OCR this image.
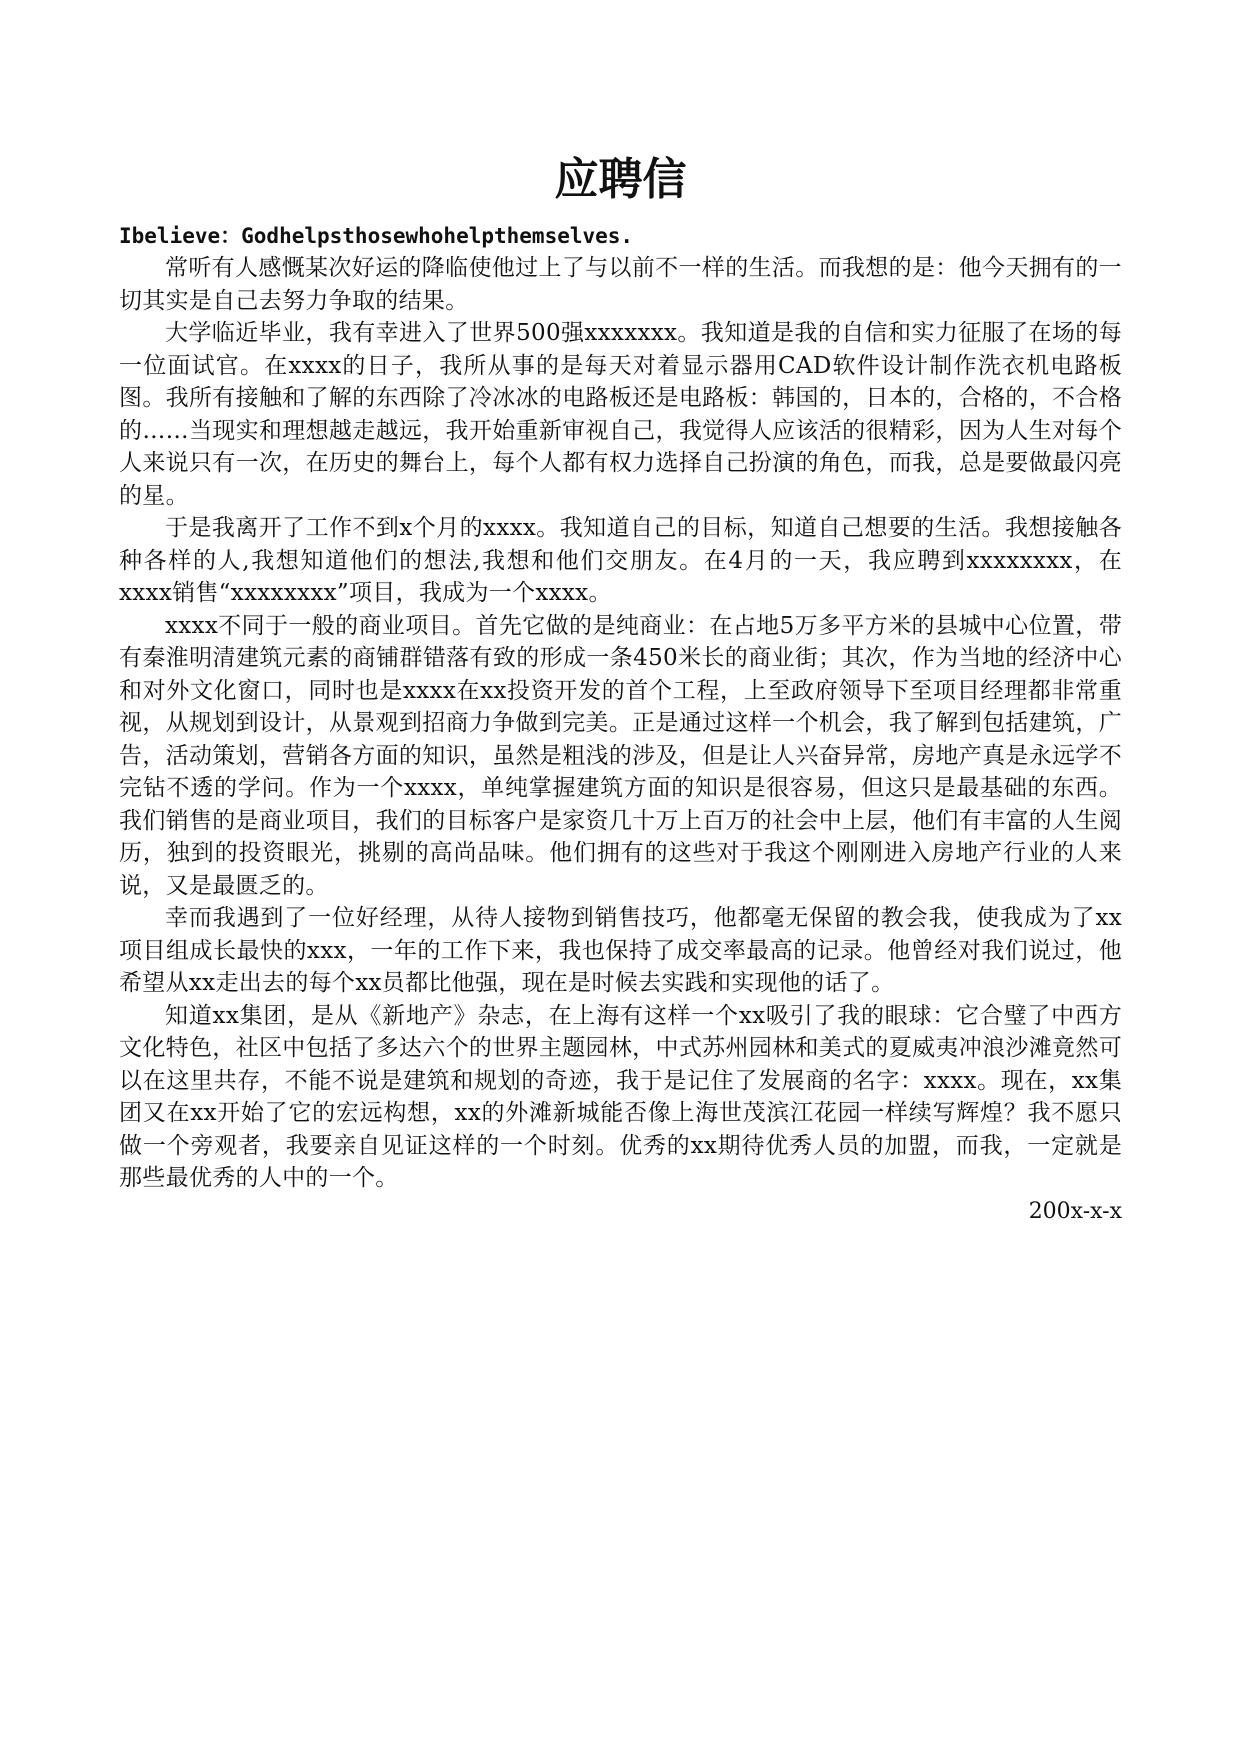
应聘信

Ibelieve：Godhelpsthosewhohelpthemselves.

常听有人感慨某次好运的降临使他过上了与以前不一样的生活。而我想的是：他今天拥有的一切其实是自己去努力争取的结果。

大学临近毕业，我有幸进入了世界500强xxxxxxx。我知道是我的自信和实力征服了在场的每一位面试官。在xxxx的日子，我所从事的是每天对着显示器用CAD软件设计制作洗衣机电路板图。我所有接触和了解的东西除了冷冰冰的电路板还是电路板：韩国的，日本的，合格的，不合格的……当现实和理想越走越远，我开始重新审视自己，我觉得人应该活的很精彩，因为人生对每个人来说只有一次，在历史的舞台上，每个人都有权力选择自己扮演的角色，而我，总是要做最闪亮的星。

于是我离开了工作不到x个月的xxxx。我知道自己的目标，知道自己想要的生活。我想接触各种各样的人,我想知道他们的想法,我想和他们交朋友。在4月的一天，我应聘到xxxxxxxx，在xxxx销售“xxxxxxxx”项目，我成为一个xxxx。

xxxx不同于一般的商业项目。首先它做的是纯商业：在占地5万多平方米的县城中心位置，带有秦淮明清建筑元素的商铺群错落有致的形成一条450米长的商业街；其次，作为当地的经济中心和对外文化窗口，同时也是xxxx在xx投资开发的首个工程，上至政府领导下至项目经理都非常重视，从规划到设计，从景观到招商力争做到完美。正是通过这样一个机会，我了解到包括建筑，广告，活动策划，营销各方面的知识，虽然是粗浅的涉及，但是让人兴奋异常，房地产真是永远学不完钻不透的学问。作为一个xxxx，单纯掌握建筑方面的知识是很容易，但这只是最基础的东西。我们销售的是商业项目，我们的目标客户是家资几十万上百万的社会中上层，他们有丰富的人生阅历，独到的投资眼光，挑剔的高尚品味。他们拥有的这些对于我这个刚刚进入房地产行业的人来说，又是最匮乏的。

幸而我遇到了一位好经理，从待人接物到销售技巧，他都毫无保留的教会我，使我成为了xx项目组成长最快的xxx，一年的工作下来，我也保持了成交率最高的记录。他曾经对我们说过，他希望从xx走出去的每个xx员都比他强，现在是时候去实践和实现他的话了。

知道xx集团，是从《新地产》杂志，在上海有这样一个xx吸引了我的眼球：它合璧了中西方文化特色，社区中包括了多达六个的世界主题园林，中式苏州园林和美式的夏威夷冲浪沙滩竟然可以在这里共存，不能不说是建筑和规划的奇迹，我于是记住了发展商的名字：xxxx。现在，xx集团又在xx开始了它的宏远构想，xx的外滩新城能否像上海世茂滨江花园一样续写辉煌？我不愿只做一个旁观者，我要亲自见证这样的一个时刻。优秀的xx期待优秀人员的加盟，而我，一定就是那些最优秀的人中的一个。

200x-x-x
